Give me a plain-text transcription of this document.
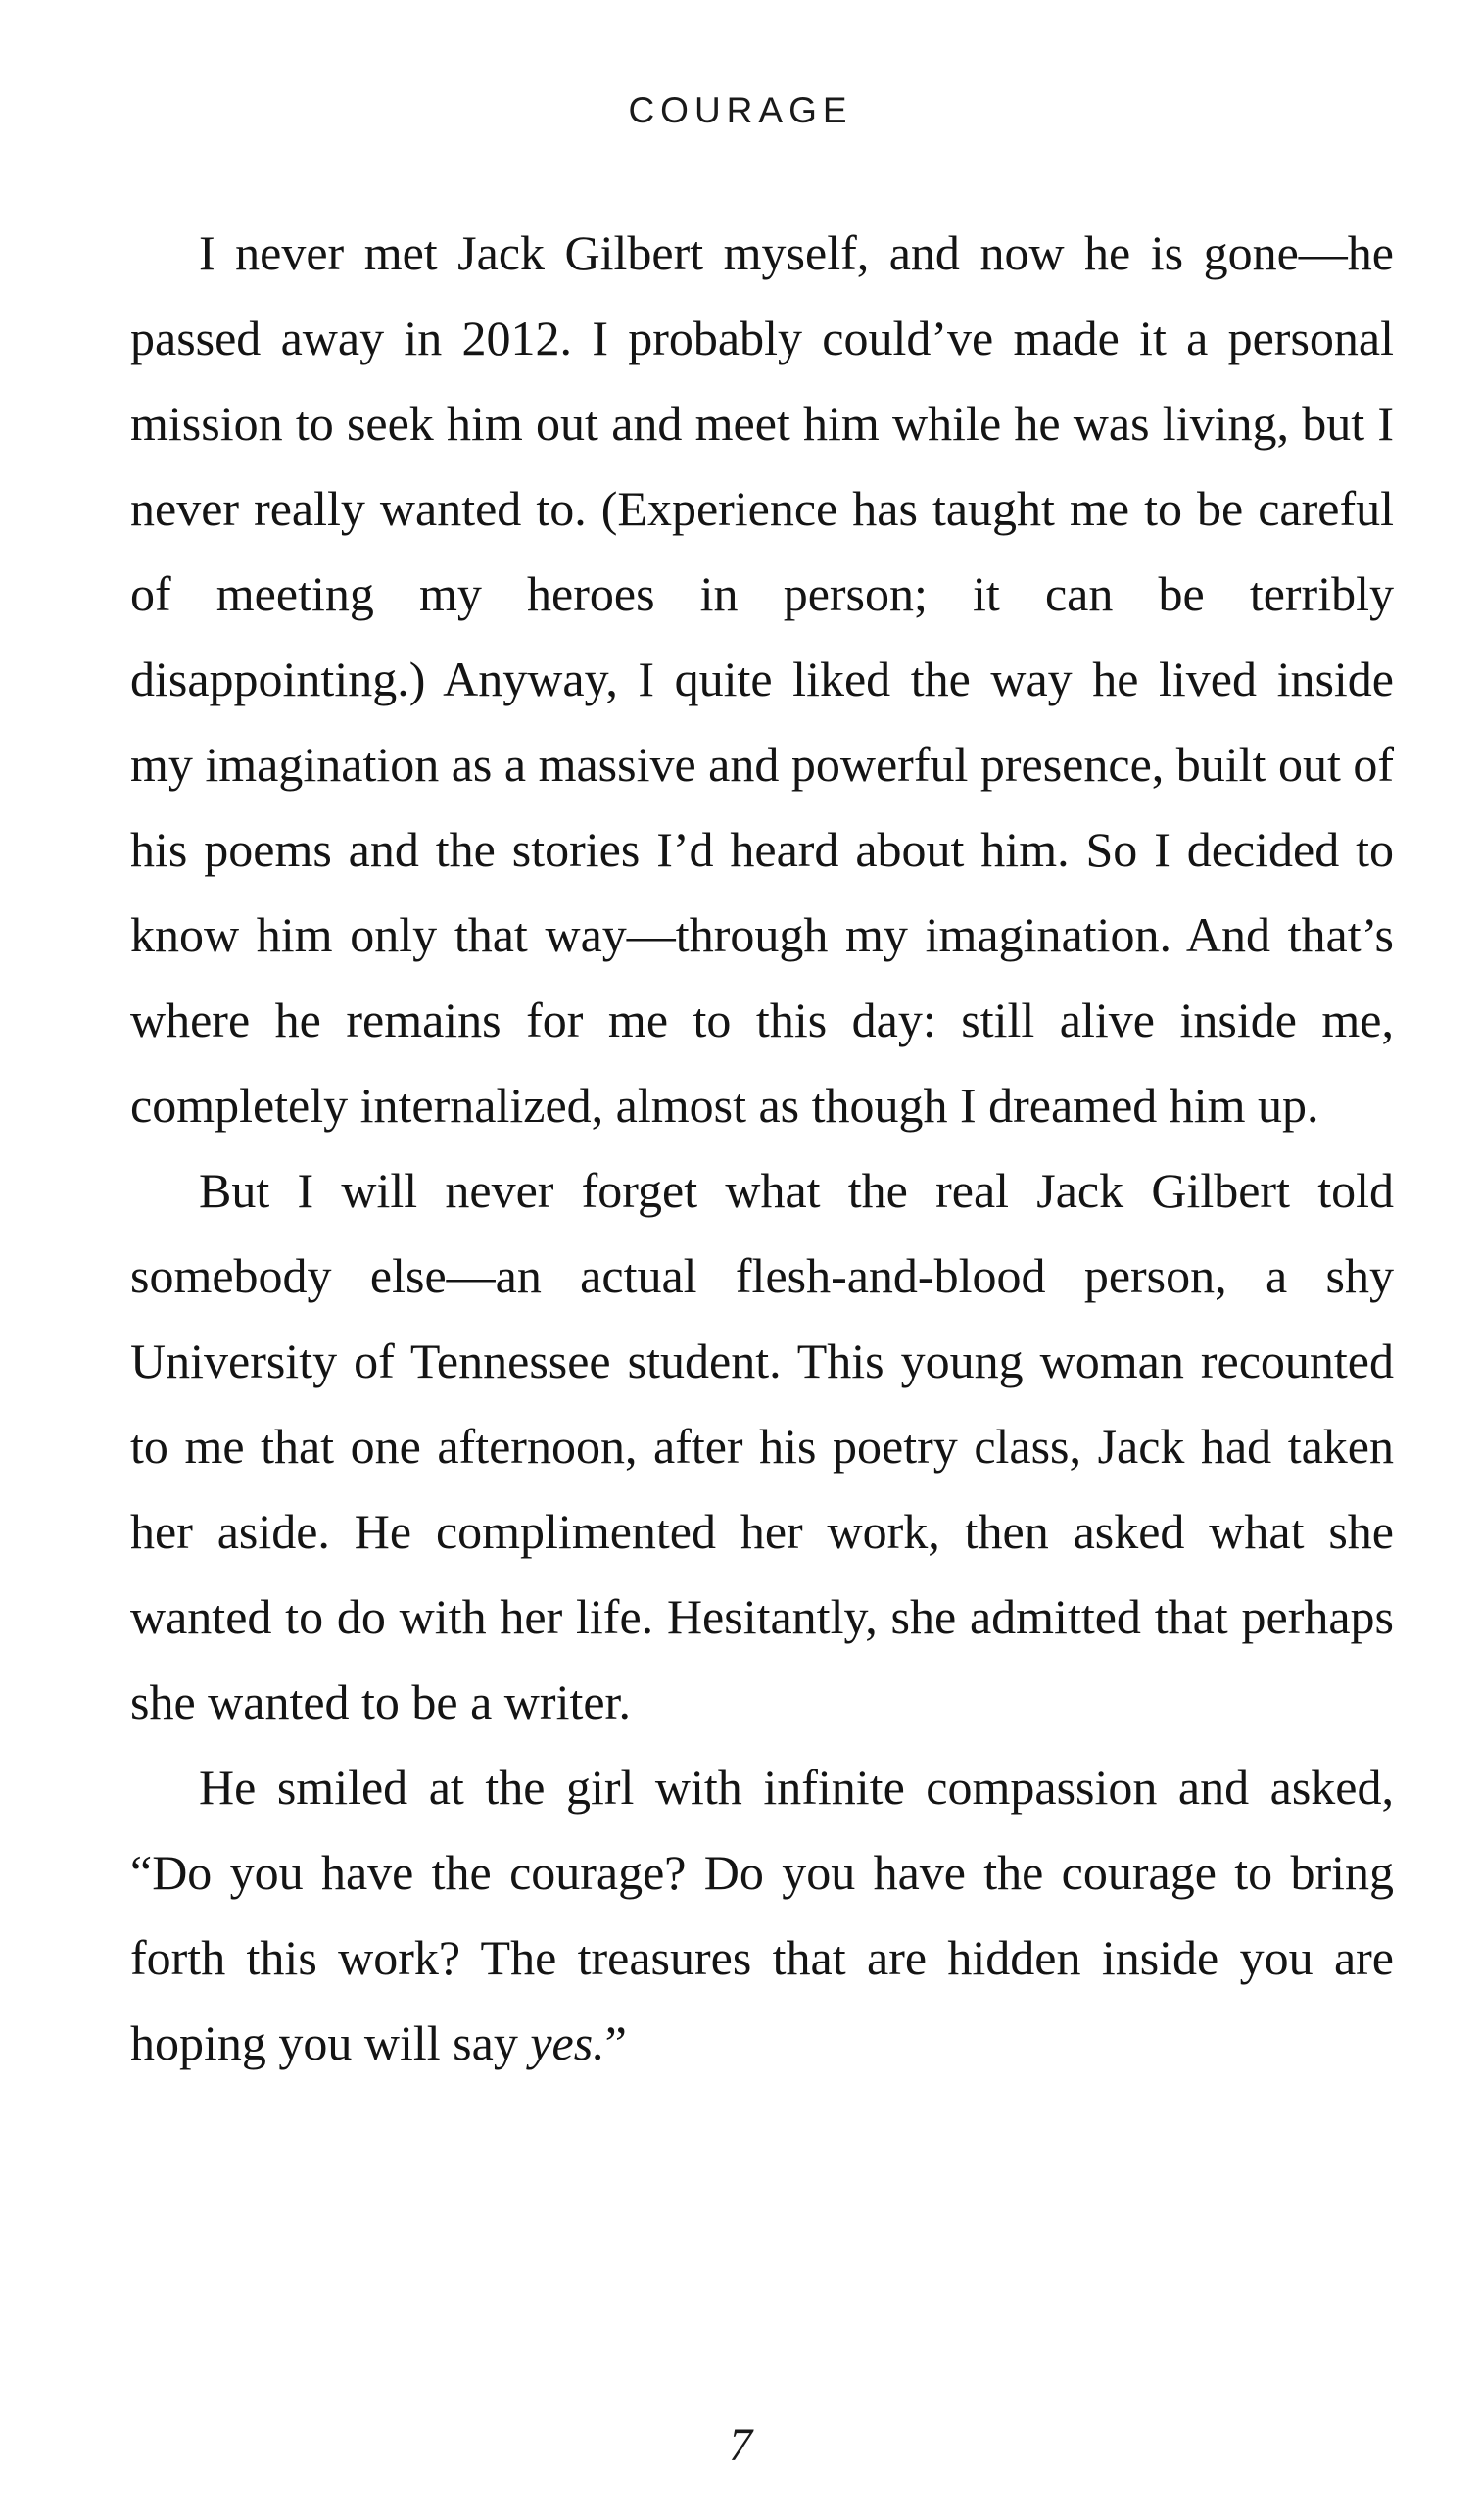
COURAGE

I never met Jack Gilbert myself, and now he is gone—he passed away in 2012. I probably could’ve made it a personal mission to seek him out and meet him while he was living, but I never really wanted to. (Experience has taught me to be careful of meeting my heroes in person; it can be terribly disappointing.) Anyway, I quite liked the way he lived inside my imagination as a massive and powerful presence, built out of his poems and the stories I’d heard about him. So I decided to know him only that way—through my imagination. And that’s where he remains for me to this day: still alive inside me, completely internalized, almost as though I dreamed him up.

But I will never forget what the real Jack Gilbert told somebody else—an actual flesh-and-blood person, a shy University of Tennessee student. This young woman recounted to me that one afternoon, after his poetry class, Jack had taken her aside. He complimented her work, then asked what she wanted to do with her life. Hesitantly, she admitted that perhaps she wanted to be a writer.

He smiled at the girl with infinite compassion and asked, “Do you have the courage? Do you have the courage to bring forth this work? The treasures that are hidden inside you are hoping you will say yes.”

7
